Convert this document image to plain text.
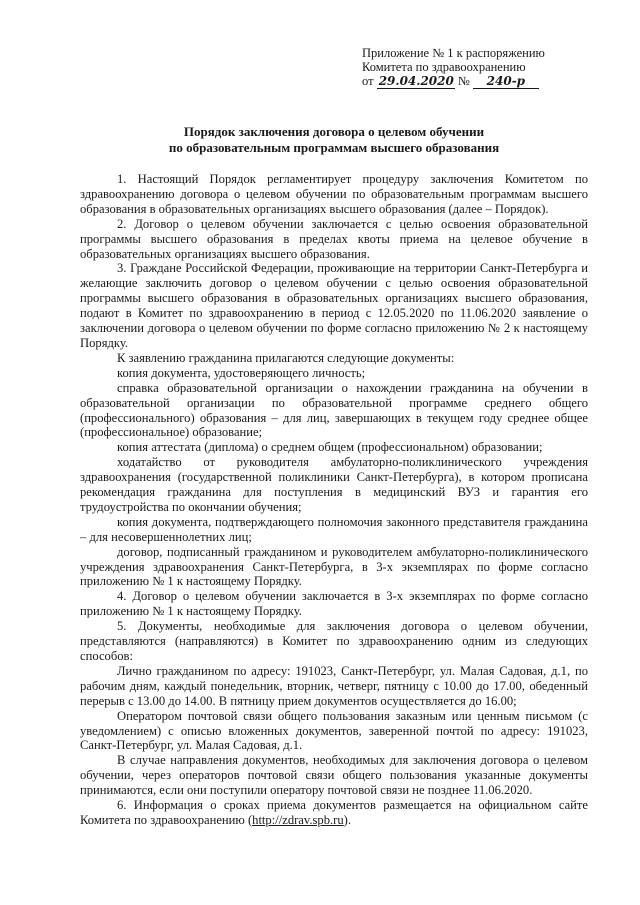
Приложение № 1 к распоряжению
Комитета по здравоохранению
от 29.04.2020 № 240-р
Порядок заключения договора о целевом обучении
по образовательным программам высшего образования

1. Настоящий Порядок регламентирует процедуру заключения Комитетом по здравоохранению договора о целевом обучении по образовательным программам высшего образования в образовательных организациях высшего образования (далее – Порядок).

2. Договор о целевом обучении заключается с целью освоения образовательной программы высшего образования в пределах квоты приема на целевое обучение в образовательных организациях высшего образования.

3. Граждане Российской Федерации, проживающие на территории Санкт-Петербурга и желающие заключить договор о целевом обучении с целью освоения образовательной программы высшего образования в образовательных организациях высшего образования, подают в Комитет по здравоохранению в период с 12.05.2020 по 11.06.2020 заявление о заключении договора о целевом обучении по форме согласно приложению № 2 к настоящему Порядку.

К заявлению гражданина прилагаются следующие документы:

копия документа, удостоверяющего личность;

справка образовательной организации о нахождении гражданина на обучении в образовательной организации по образовательной программе среднего общего (профессионального) образования – для лиц, завершающих в текущем году среднее общее (профессиональное) образование;

копия аттестата (диплома) о среднем общем (профессиональном) образовании;

ходатайство от руководителя амбулаторно-поликлинического учреждения здравоохранения (государственной поликлиники Санкт-Петербурга), в котором прописана рекомендация гражданина для поступления в медицинский ВУЗ и гарантия его трудоустройства по окончании обучения;

копия документа, подтверждающего полномочия законного представителя гражданина – для несовершеннолетних лиц;

договор, подписанный гражданином и руководителем амбулаторно-поликлинического учреждения здравоохранения Санкт-Петербурга, в 3-х экземплярах по форме согласно приложению № 1 к настоящему Порядку.

4. Договор о целевом обучении заключается в 3-х экземплярах по форме согласно приложению № 1 к настоящему Порядку.

5. Документы, необходимые для заключения договора о целевом обучении, представляются (направляются) в Комитет по здравоохранению одним из следующих способов:

Лично гражданином по адресу: 191023, Санкт-Петербург, ул. Малая Садовая, д.1, по рабочим дням, каждый понедельник, вторник, четверг, пятницу с 10.00 до 17.00, обеденный перерыв с 13.00 до 14.00. В пятницу прием документов осуществляется до 16.00;

Оператором почтовой связи общего пользования заказным или ценным письмом (с уведомлением) с описью вложенных документов, заверенной почтой по адресу: 191023, Санкт-Петербург, ул. Малая Садовая, д.1.

В случае направления документов, необходимых для заключения договора о целевом обучении, через операторов почтовой связи общего пользования указанные документы принимаются, если они поступили оператору почтовой связи не позднее 11.06.2020.

6. Информация о сроках приема документов размещается на официальном сайте Комитета по здравоохранению (http://zdrav.spb.ru).
